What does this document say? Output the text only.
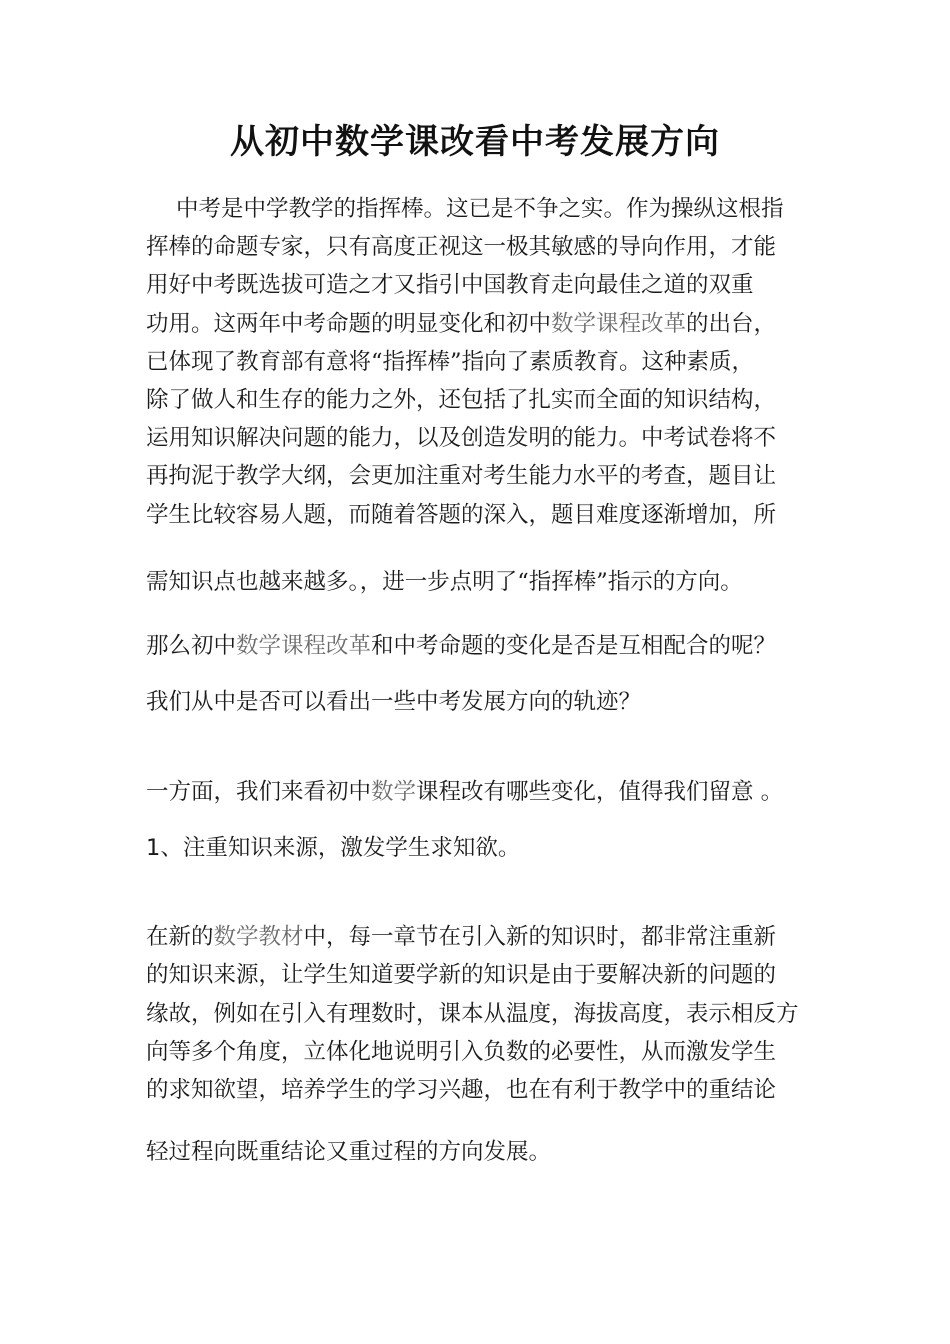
从初中数学课改看中考发展方向
中考是中学教学的指挥棒。这已是不争之实。作为操纵这根指
挥棒的命题专家，只有高度正视这一极其敏感的导向作用，才能
用好中考既选拔可造之才又指引中国教育走向最佳之道的双重
功用。这两年中考命题的明显变化和初中数学课程改革的出台，
已体现了教育部有意将“指挥棒”指向了素质教育。这种素质，
除了做人和生存的能力之外，还包括了扎实而全面的知识结构，
运用知识解决问题的能力，以及创造发明的能力。中考试卷将不
再拘泥于教学大纲，会更加注重对考生能力水平的考查，题目让
学生比较容易人题，而随着答题的深入，题目难度逐渐增加，所
需知识点也越来越多。，进一步点明了“指挥棒”指示的方向。
那么初中数学课程改革和中考命题的变化是否是互相配合的呢？
我们从中是否可以看出一些中考发展方向的轨迹？
一方面，我们来看初中数学课程改有哪些变化，值得我们留意 。
1、注重知识来源，激发学生求知欲。
在新的数学教材中，每一章节在引入新的知识时，都非常注重新
的知识来源，让学生知道要学新的知识是由于要解决新的问题的
缘故，例如在引入有理数时，课本从温度，海拔高度，表示相反方
向等多个角度，立体化地说明引入负数的必要性，从而激发学生
的求知欲望，培养学生的学习兴趣，也在有利于教学中的重结论
轻过程向既重结论又重过程的方向发展。
